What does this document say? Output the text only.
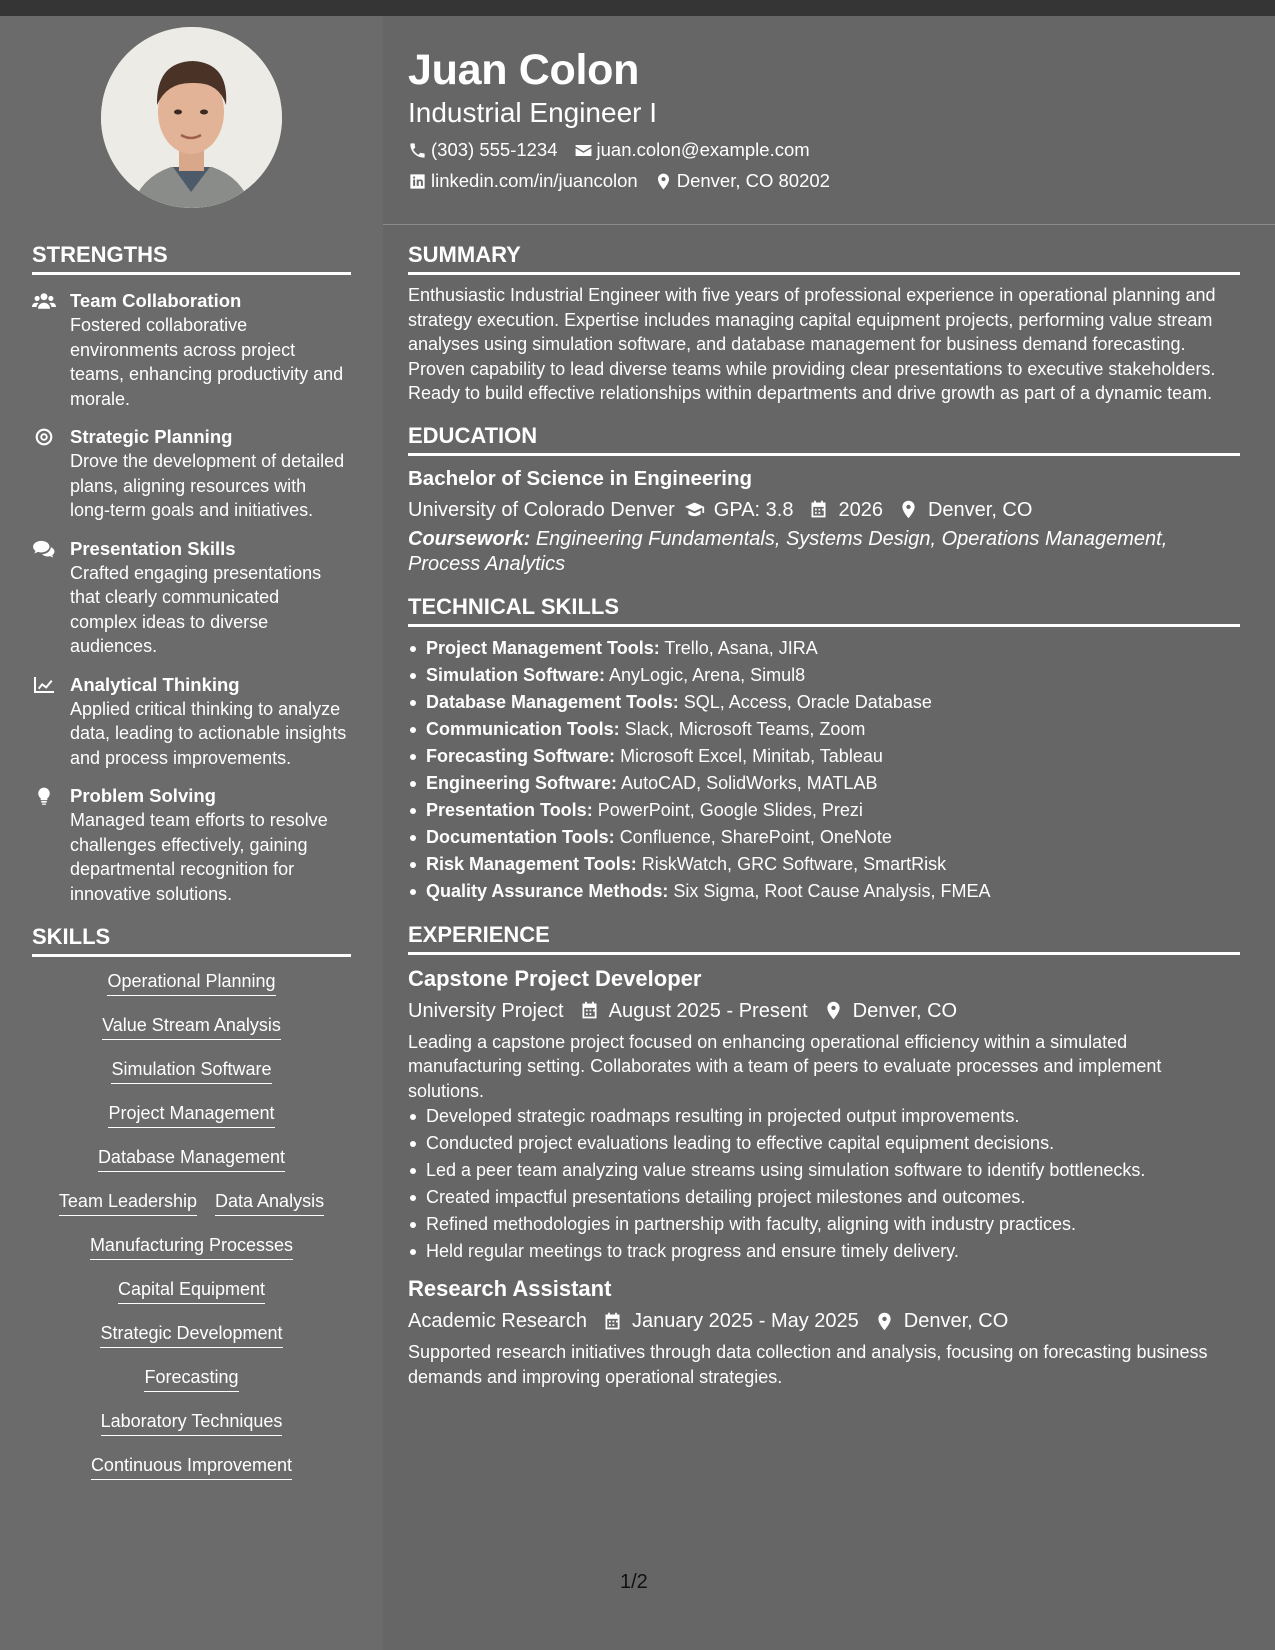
Juan Colon
Industrial Engineer I
(303) 555-1234 juan.colon@example.com
linkedin.com/in/juancolon Denver, CO 80202
STRENGTHS
Team Collaboration
Fostered collaborative environments across project teams, enhancing productivity and morale.
Strategic Planning
Drove the development of detailed plans, aligning resources with long-term goals and initiatives.
Presentation Skills
Crafted engaging presentations that clearly communicated complex ideas to diverse audiences.
Analytical Thinking
Applied critical thinking to analyze data, leading to actionable insights and process improvements.
Problem Solving
Managed team efforts to resolve challenges effectively, gaining departmental recognition for innovative solutions.
SKILLS
Operational Planning
Value Stream Analysis
Simulation Software
Project Management
Database Management
Team Leadership Data Analysis
Manufacturing Processes
Capital Equipment
Strategic Development
Forecasting
Laboratory Techniques
Continuous Improvement
SUMMARY
Enthusiastic Industrial Engineer with five years of professional experience in operational planning and strategy execution. Expertise includes managing capital equipment projects, performing value stream analyses using simulation software, and database management for business demand forecasting. Proven capability to lead diverse teams while providing clear presentations to executive stakeholders. Ready to build effective relationships within departments and drive growth as part of a dynamic team.
EDUCATION
Bachelor of Science in Engineering
University of Colorado Denver GPA: 3.8 2026 Denver, CO
Coursework: Engineering Fundamentals, Systems Design, Operations Management, Process Analytics
TECHNICAL SKILLS
Project Management Tools: Trello, Asana, JIRA
Simulation Software: AnyLogic, Arena, Simul8
Database Management Tools: SQL, Access, Oracle Database
Communication Tools: Slack, Microsoft Teams, Zoom
Forecasting Software: Microsoft Excel, Minitab, Tableau
Engineering Software: AutoCAD, SolidWorks, MATLAB
Presentation Tools: PowerPoint, Google Slides, Prezi
Documentation Tools: Confluence, SharePoint, OneNote
Risk Management Tools: RiskWatch, GRC Software, SmartRisk
Quality Assurance Methods: Six Sigma, Root Cause Analysis, FMEA
EXPERIENCE
Capstone Project Developer
University Project August 2025 - Present Denver, CO
Leading a capstone project focused on enhancing operational efficiency within a simulated manufacturing setting. Collaborates with a team of peers to evaluate processes and implement solutions.
Developed strategic roadmaps resulting in projected output improvements.
Conducted project evaluations leading to effective capital equipment decisions.
Led a peer team analyzing value streams using simulation software to identify bottlenecks.
Created impactful presentations detailing project milestones and outcomes.
Refined methodologies in partnership with faculty, aligning with industry practices.
Held regular meetings to track progress and ensure timely delivery.
Research Assistant
Academic Research January 2025 - May 2025 Denver, CO
Supported research initiatives through data collection and analysis, focusing on forecasting business demands and improving operational strategies.
1/2
